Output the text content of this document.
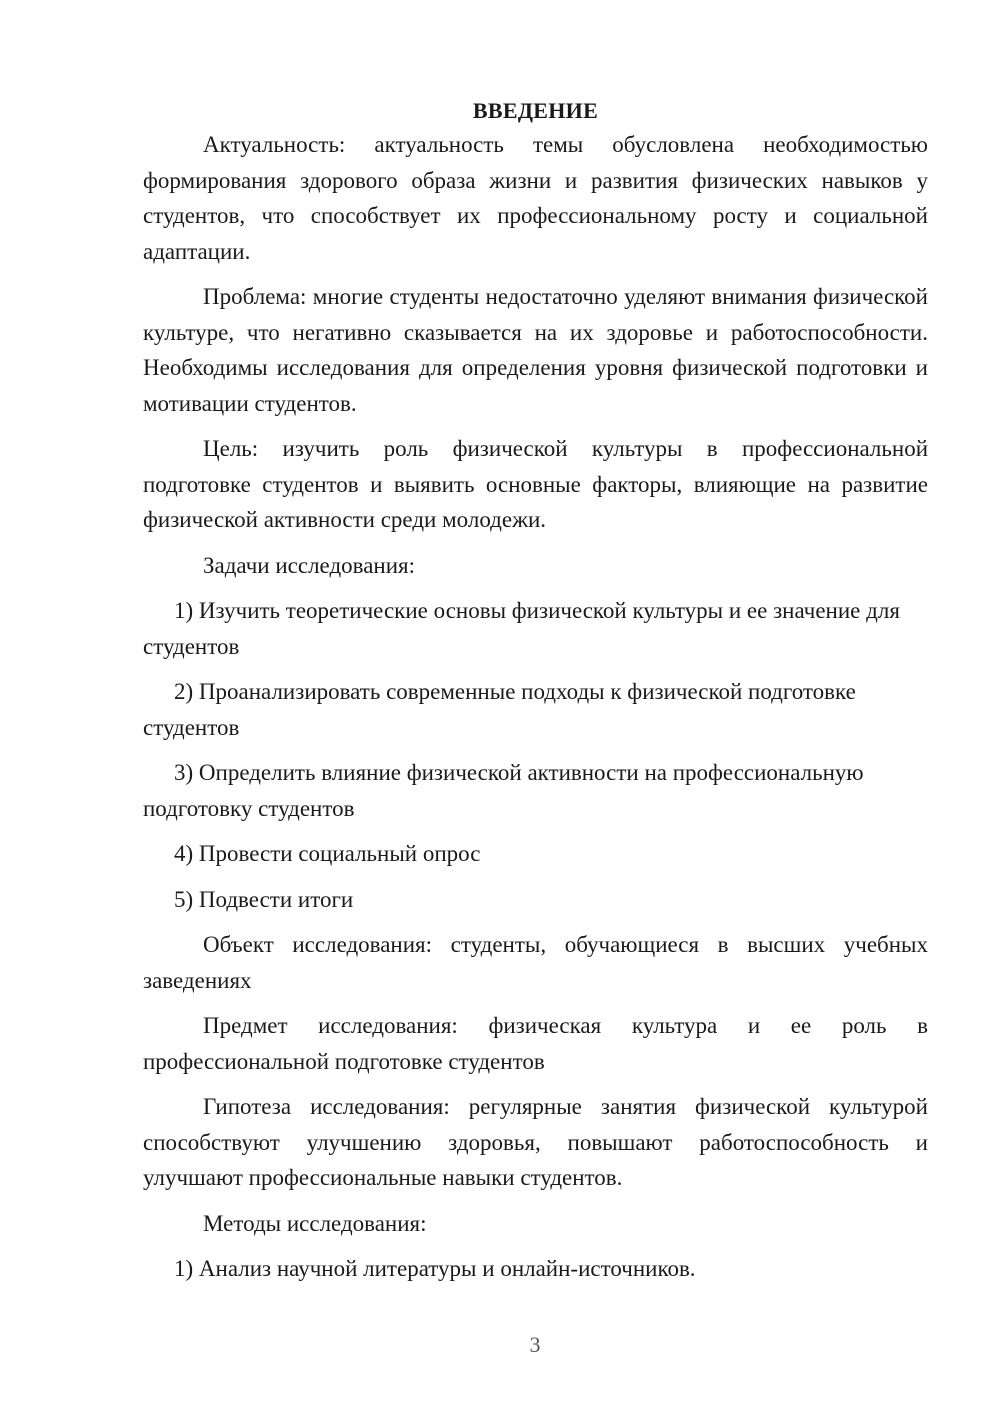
ВВЕДЕНИЕ

Актуальность: актуальность темы обусловлена необходимостью формирования здорового образа жизни и развития физических навыков у студентов, что способствует их профессиональному росту и социальной адаптации.

Проблема: многие студенты недостаточно уделяют внимания физической культуре, что негативно сказывается на их здоровье и работоспособности. Необходимы исследования для определения уровня физической подготовки и мотивации студентов.

Цель: изучить роль физической культуры в профессиональной подготовке студентов и выявить основные факторы, влияющие на развитие физической активности среди молодежи.

Задачи исследования:

1) Изучить теоретические основы физической культуры и ее значение для студентов

2) Проанализировать современные подходы к физической подготовке студентов

3) Определить влияние физической активности на профессиональную подготовку студентов

4) Провести социальный опрос

5) Подвести итоги

Объект исследования: студенты, обучающиеся в высших учебных заведениях

Предмет исследования: физическая культура и ее роль в профессиональной подготовке студентов

Гипотеза исследования: регулярные занятия физической культурой способствуют улучшению здоровья, повышают работоспособность и улучшают профессиональные навыки студентов.

Методы исследования:

1) Анализ научной литературы и онлайн-источников.

3
